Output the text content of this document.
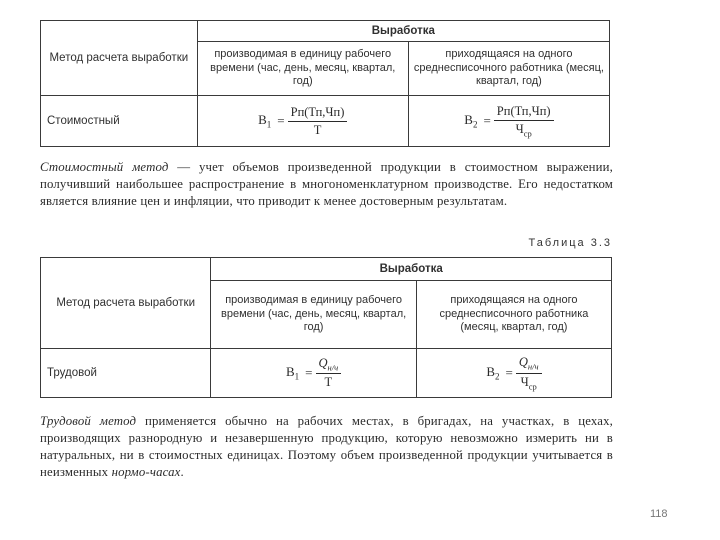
Метод расчета выработки	Выработка	
	производимая в единицу рабочего времени (час, день, месяц, квартал, год)	приходящаяся на одного среднесписочного работника (месяц, квартал, год)
Стоимостный	$В_1 = \frac{Рп(Тп,Чп)}{Т}$	$В_2 = \frac{Рп(Тп,Чп)}{Ч_{ср}}$
Стоимостный метод — учет объемов произведенной продукции в стоимостном выражении, получивший наибольшее распространение в многономенклатурном производстве. Его недостатком является влияние цен и инфляции, что приводит к менее достоверным результатам.
Таблица 3.3
Метод расчета выработки	Выработка	
	производимая в единицу рабочего времени (час, день, месяц, квартал, год)	приходящаяся на одного среднесписочного работника (месяц, квартал, год)
Трудовой	$В_1 = \frac{Q_{н/ч}}{Т}$	$В_2 = \frac{Q_{н/ч}}{Ч_{ср}}$
Трудовой метод применяется обычно на рабочих местах, в бригадах, на участках, в цехах, производящих разнородную и незавершенную продукцию, которую невозможно измерить ни в натуральных, ни в стоимостных единицах. Поэтому объем произведенной продукции учитывается в неизменных нормо-часах.
118
